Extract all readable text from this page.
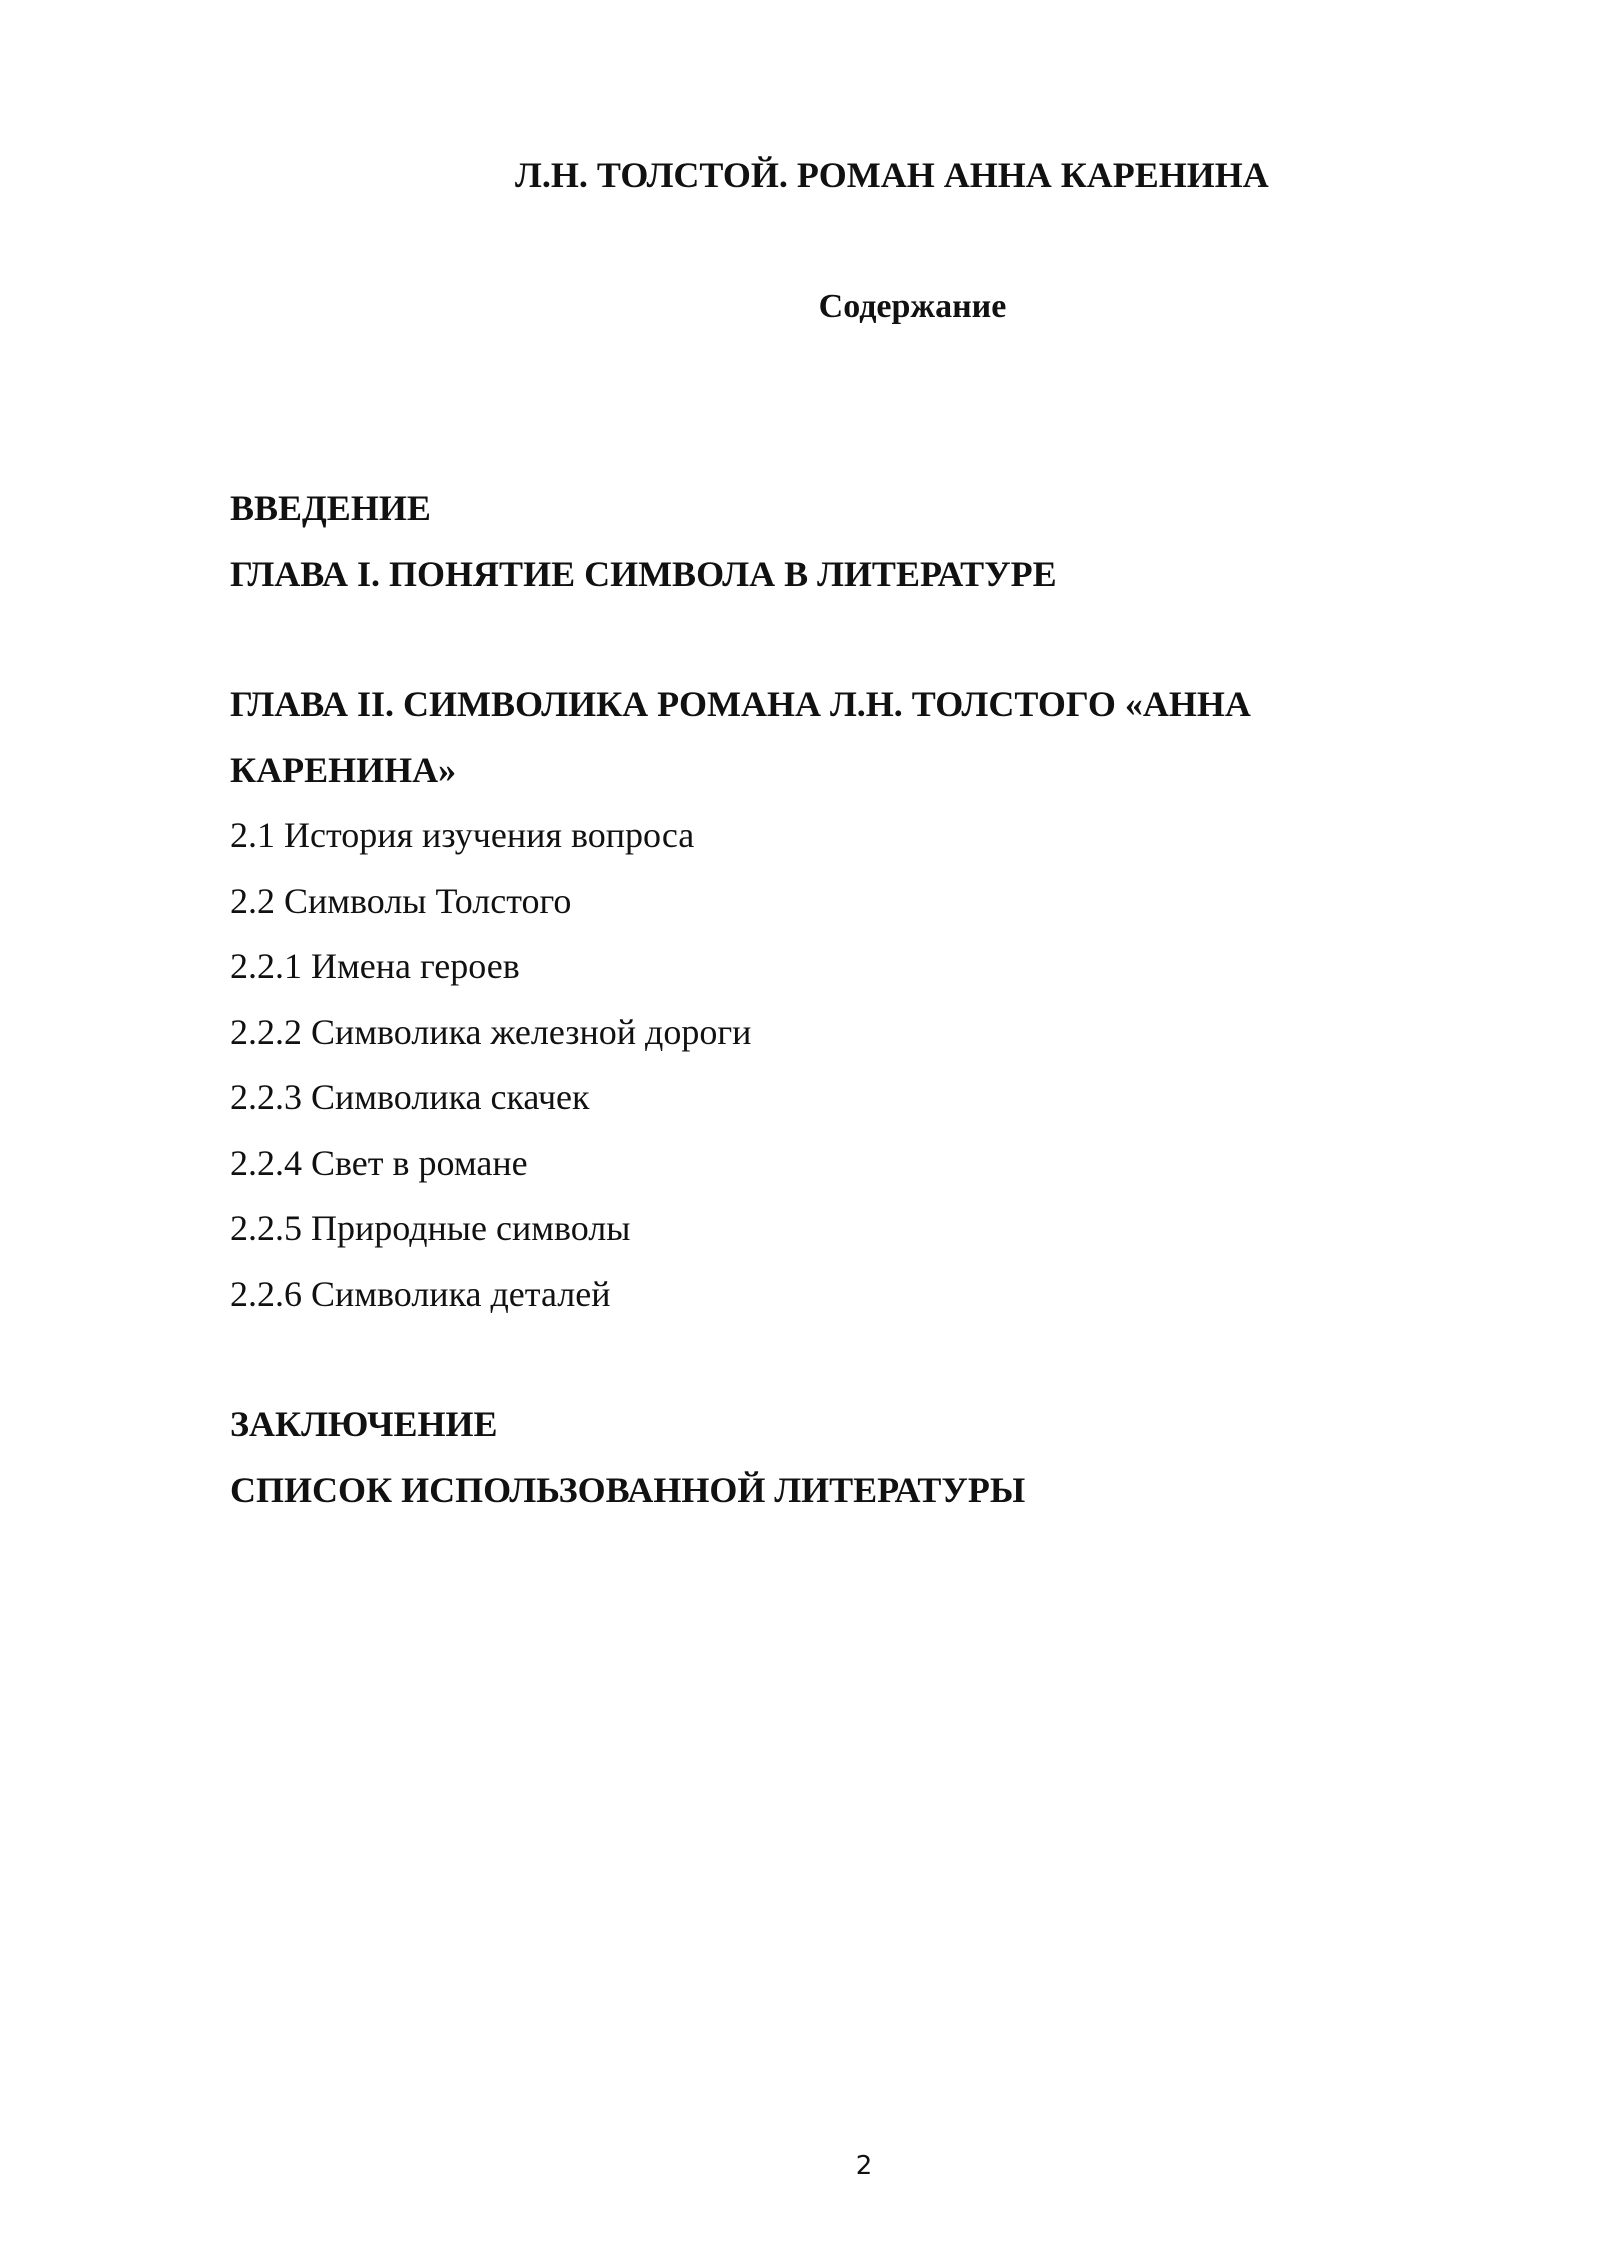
Л.Н. ТОЛСТОЙ. РОМАН АННА КАРЕНИНА
Содержание
ВВЕДЕНИЕ
ГЛАВА I. ПОНЯТИЕ СИМВОЛА В ЛИТЕРАТУРЕ
ГЛАВА II. СИМВОЛИКА РОМАНА Л.Н. ТОЛСТОГО «АННА КАРЕНИНА»
2.1 История изучения вопроса
2.2 Символы Толстого
2.2.1 Имена героев
2.2.2 Символика железной дороги
2.2.3 Символика скачек
2.2.4 Свет в романе
2.2.5 Природные символы
2.2.6 Символика деталей
ЗАКЛЮЧЕНИЕ
СПИСОК ИСПОЛЬЗОВАННОЙ ЛИТЕРАТУРЫ
2
